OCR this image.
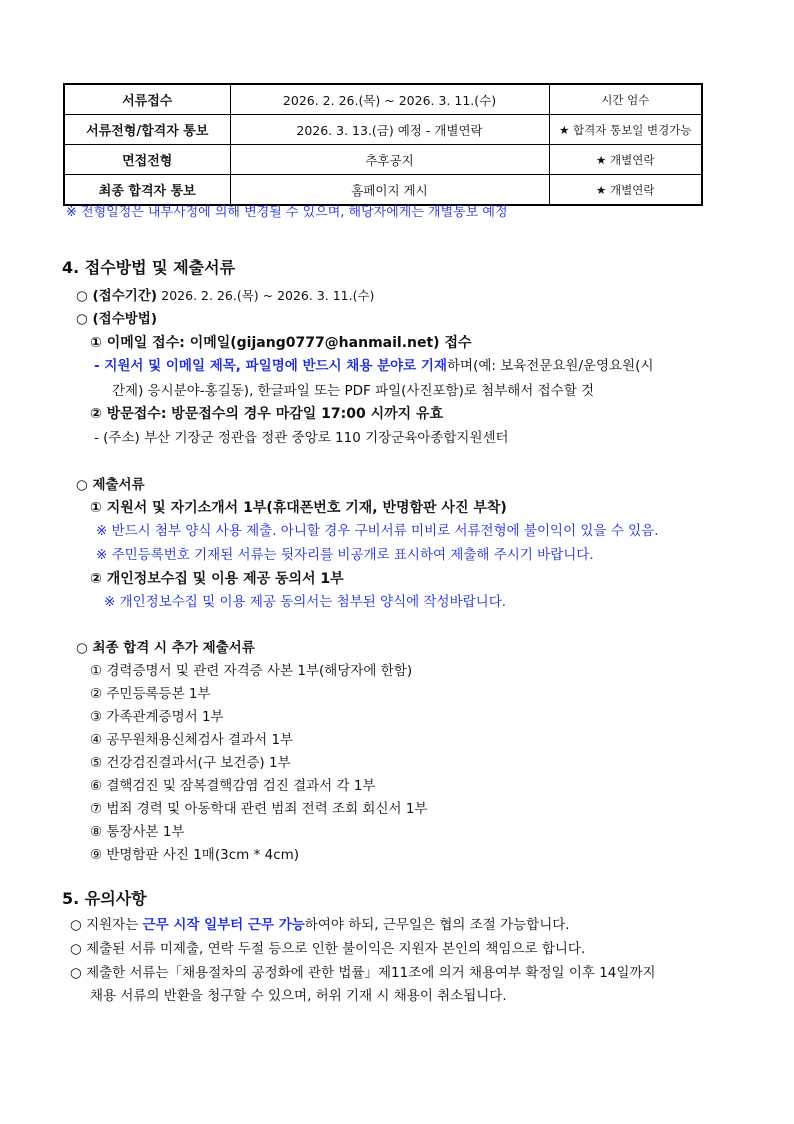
서류접수	2026. 2. 26.(목) ~ 2026. 3. 11.(수)	시간 엄수
서류전형/합격자 통보	2026. 3. 13.(금) 예정 - 개별연락	★ 합격자 통보일 변경가능
면접전형	추후공지	★ 개별연락
최종 합격자 통보	홈페이지 게시	★ 개별연락
※ 전형일정은 내부사정에 의해 변경될 수 있으며, 해당자에게는 개별통보 예정
4. 접수방법 및 제출서류
○ (접수기간) 2026. 2. 26.(목) ~ 2026. 3. 11.(수)
○ (접수방법)
① 이메일 접수: 이메일(gijang0777@hanmail.net) 접수
- 지원서 및 이메일 제목, 파일명에 반드시 채용 분야로 기재하며(예: 보육전문요원/운영요원(시
간제) 응시분야-홍길동), 한글파일 또는 PDF 파일(사진포함)로 첨부해서 접수할 것
② 방문접수: 방문접수의 경우 마감일 17:00 시까지 유효
- (주소) 부산 기장군 정관읍 정관 중앙로 110 기장군육아종합지원센터
○ 제출서류
① 지원서 및 자기소개서 1부(휴대폰번호 기재, 반명함판 사진 부착)
※ 반드시 첨부 양식 사용 제출. 아니할 경우 구비서류 미비로 서류전형에 불이익이 있을 수 있음.
※ 주민등록번호 기재된 서류는 뒷자리를 비공개로 표시하여 제출해 주시기 바랍니다.
② 개인정보수집 및 이용 제공 동의서 1부
※ 개인정보수집 및 이용 제공 동의서는 첨부된 양식에 작성바랍니다.
○ 최종 합격 시 추가 제출서류
① 경력증명서 및 관련 자격증 사본 1부(해당자에 한함)
② 주민등록등본 1부
③ 가족관계증명서 1부
④ 공무원채용신체검사 결과서 1부
⑤ 건강검진결과서(구 보건증) 1부
⑥ 결핵검진 및 잠복결핵감염 검진 결과서 각 1부
⑦ 범죄 경력 및 아동학대 관련 범죄 전력 조회 회신서 1부
⑧ 통장사본 1부
⑨ 반명함판 사진 1매(3cm * 4cm)
5. 유의사항
○ 지원자는 근무 시작 일부터 근무 가능하여야 하되, 근무일은 협의 조절 가능합니다.
○ 제출된 서류 미제출, 연락 두절 등으로 인한 불이익은 지원자 본인의 책임으로 합니다.
○ 제출한 서류는「채용절차의 공정화에 관한 법률」제11조에 의거 채용여부 확정일 이후 14일까지
채용 서류의 반환을 청구할 수 있으며, 허위 기재 시 채용이 취소됩니다.
